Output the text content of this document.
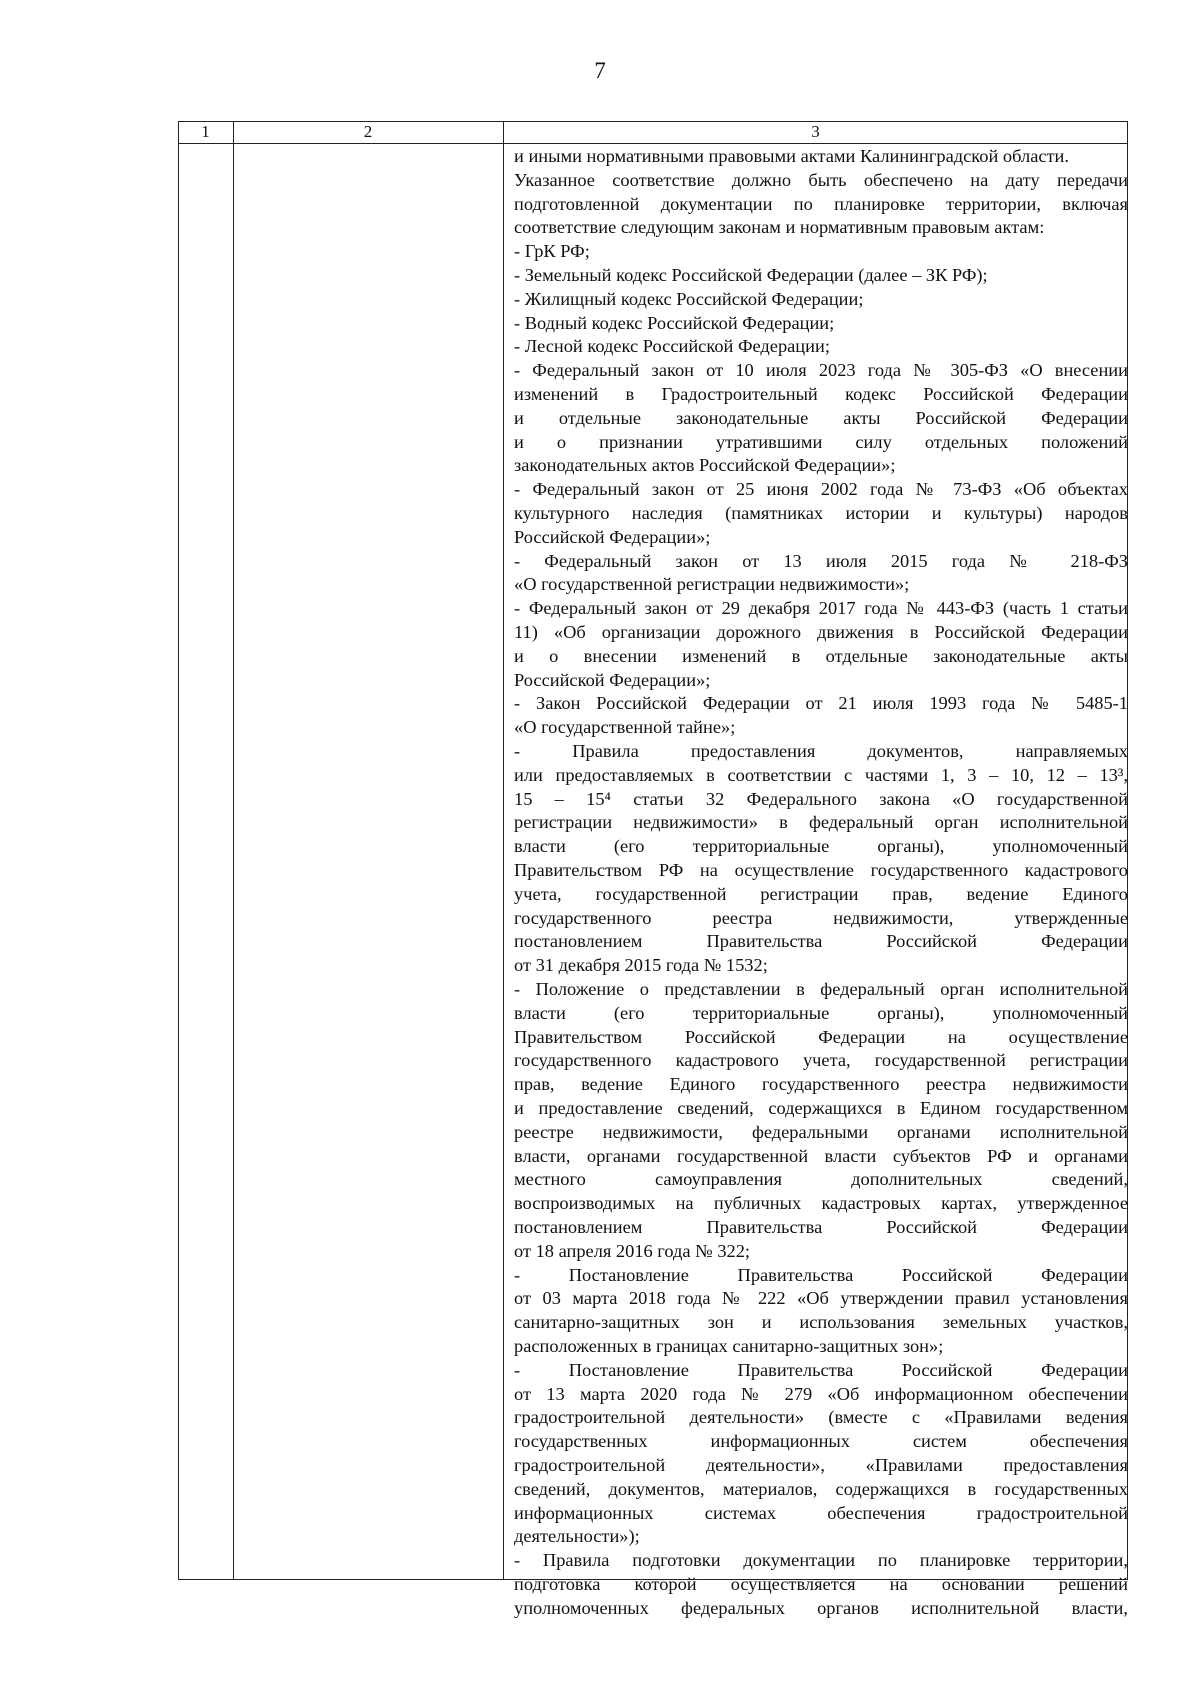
7
1	2	3
и иными нормативными правовыми актами Калининградской области.
Указанное соответствие должно быть обеспечено на дату передачи
подготовленной документации по планировке территории, включая
соответствие следующим законам и нормативным правовым актам:
- ГрК РФ;
- Земельный кодекс Российской Федерации (далее – ЗК РФ);
- Жилищный кодекс Российской Федерации;
- Водный кодекс Российской Федерации;
- Лесной кодекс Российской Федерации;
- Федеральный закон от 10 июля 2023 года № 305-ФЗ «О внесении
изменений в Градостроительный кодекс Российской Федерации
и отдельные законодательные акты Российской Федерации
и о признании утратившими силу отдельных положений
законодательных актов Российской Федерации»;
- Федеральный закон от 25 июня 2002 года № 73-ФЗ «Об объектах
культурного наследия (памятниках истории и культуры) народов
Российской Федерации»;
- Федеральный закон от 13 июля 2015 года № 218-ФЗ
«О государственной регистрации недвижимости»;
- Федеральный закон от 29 декабря 2017 года № 443-ФЗ (часть 1 статьи
11) «Об организации дорожного движения в Российской Федерации
и о внесении изменений в отдельные законодательные акты
Российской Федерации»;
- Закон Российской Федерации от 21 июля 1993 года № 5485-1
«О государственной тайне»;
- Правила предоставления документов, направляемых
или предоставляемых в соответствии с частями 1, 3 – 10, 12 – 13³,
15 – 15⁴ статьи 32 Федерального закона «О государственной
регистрации недвижимости» в федеральный орган исполнительной
власти (его территориальные органы), уполномоченный
Правительством РФ на осуществление государственного кадастрового
учета, государственной регистрации прав, ведение Единого
государственного реестра недвижимости, утвержденные
постановлением Правительства Российской Федерации
от 31 декабря 2015 года № 1532;
- Положение о представлении в федеральный орган исполнительной
власти (его территориальные органы), уполномоченный
Правительством Российской Федерации на осуществление
государственного кадастрового учета, государственной регистрации
прав, ведение Единого государственного реестра недвижимости
и предоставление сведений, содержащихся в Едином государственном
реестре недвижимости, федеральными органами исполнительной
власти, органами государственной власти субъектов РФ и органами
местного самоуправления дополнительных сведений,
воспроизводимых на публичных кадастровых картах, утвержденное
постановлением Правительства Российской Федерации
от 18 апреля 2016 года № 322;
- Постановление Правительства Российской Федерации
от 03 марта 2018 года № 222 «Об утверждении правил установления
санитарно-защитных зон и использования земельных участков,
расположенных в границах санитарно-защитных зон»;
- Постановление Правительства Российской Федерации
от 13 марта 2020 года № 279 «Об информационном обеспечении
градостроительной деятельности» (вместе с «Правилами ведения
государственных информационных систем обеспечения
градостроительной деятельности», «Правилами предоставления
сведений, документов, материалов, содержащихся в государственных
информационных системах обеспечения градостроительной
деятельности»);
- Правила подготовки документации по планировке территории,
подготовка которой осуществляется на основании решений
уполномоченных федеральных органов исполнительной власти,
